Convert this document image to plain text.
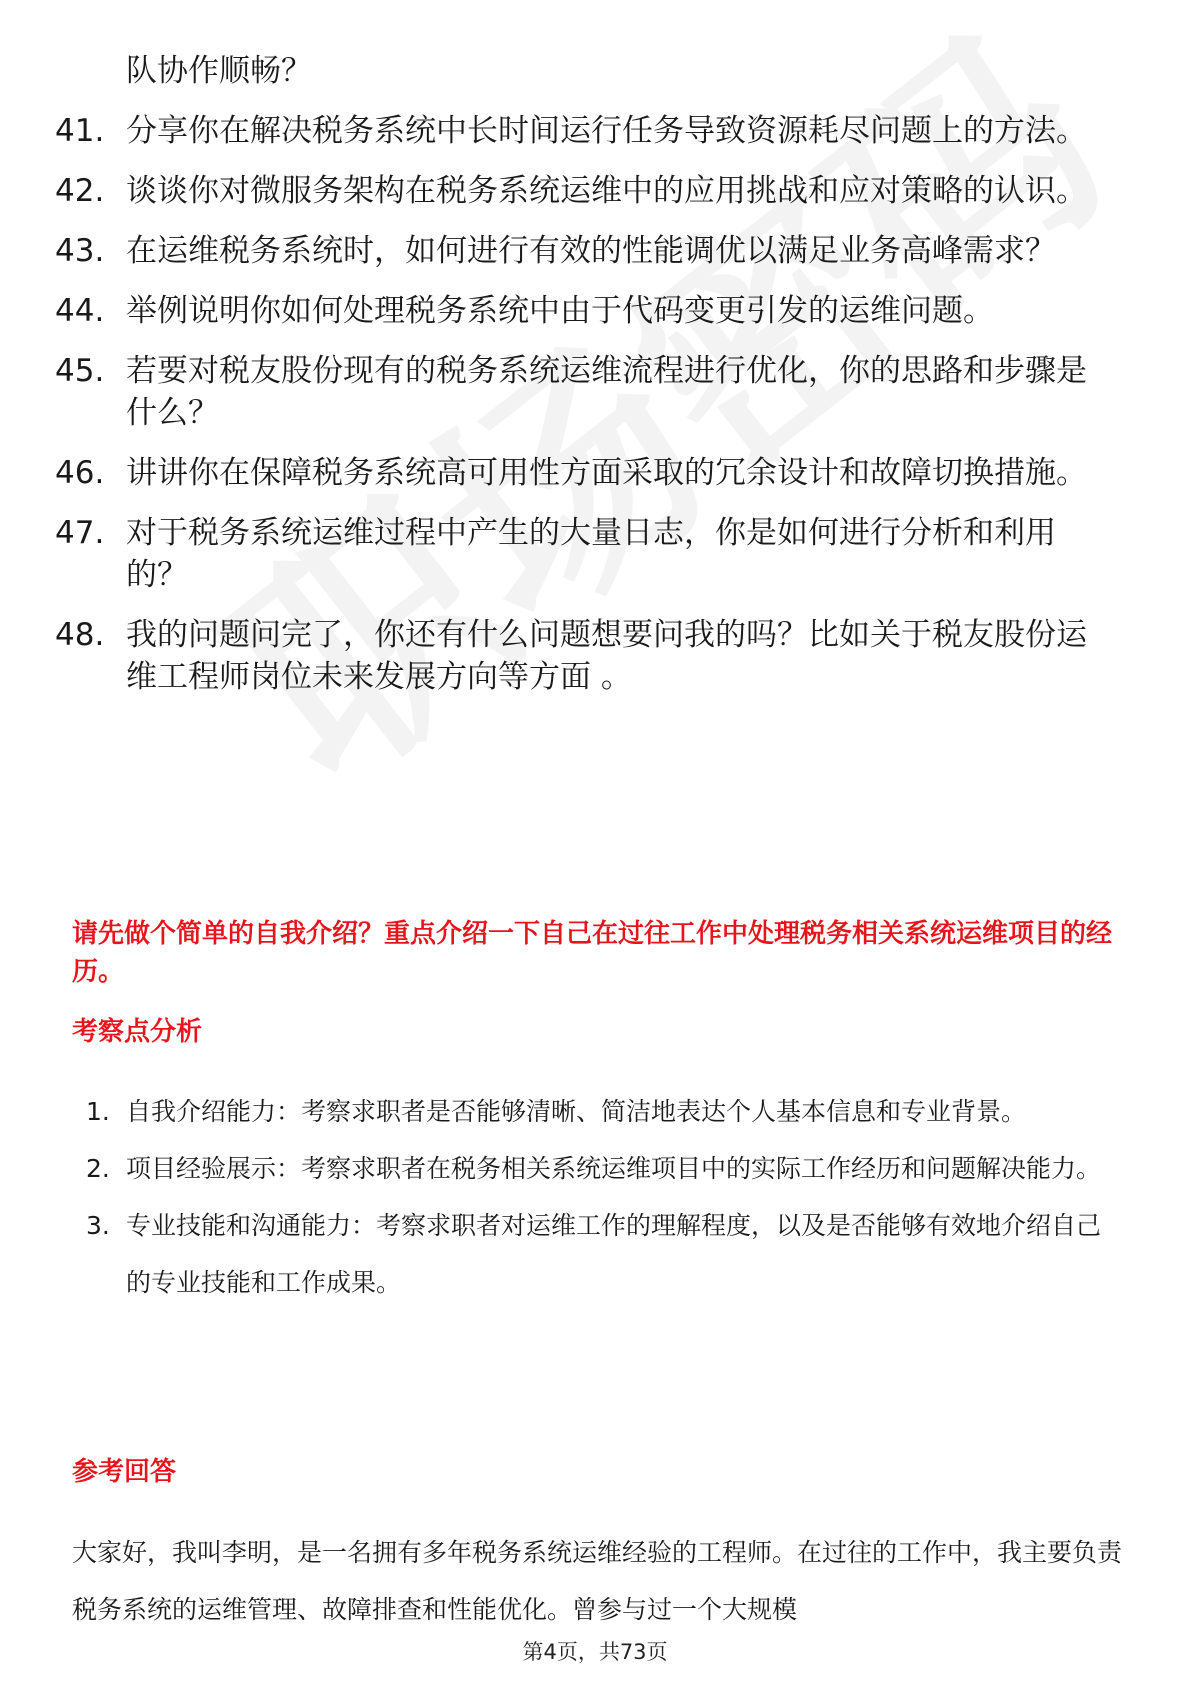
队协作顺畅？
41. 分享你在解决税务系统中长时间运行任务导致资源耗尽问题上的方法。
42. 谈谈你对微服务架构在税务系统运维中的应用挑战和应对策略的认识。
43. 在运维税务系统时，如何进行有效的性能调优以满足业务高峰需求？
44. 举例说明你如何处理税务系统中由于代码变更引发的运维问题。
45. 若要对税友股份现有的税务系统运维流程进行优化，你的思路和步骤是什么？
46. 讲讲你在保障税务系统高可用性方面采取的冗余设计和故障切换措施。
47. 对于税务系统运维过程中产生的大量日志，你是如何进行分析和利用的？
48. 我的问题问完了，你还有什么问题想要问我的吗？比如关于税友股份运维工程师岗位未来发展方向等方面 。
请先做个简单的自我介绍？重点介绍一下自己在过往工作中处理税务相关系统运维项目的经历。
考察点分析
1. 自我介绍能力：考察求职者是否能够清晰、简洁地表达个人基本信息和专业背景。
2. 项目经验展示：考察求职者在税务相关系统运维项目中的实际工作经历和问题解决能力。
3. 专业技能和沟通能力：考察求职者对运维工作的理解程度，以及是否能够有效地介绍自己的专业技能和工作成果。
参考回答
大家好，我叫李明，是一名拥有多年税务系统运维经验的工程师。在过往的工作中，我主要负责税务系统的运维管理、故障排查和性能优化。曾参与过一个大规模
第4页，共73页
